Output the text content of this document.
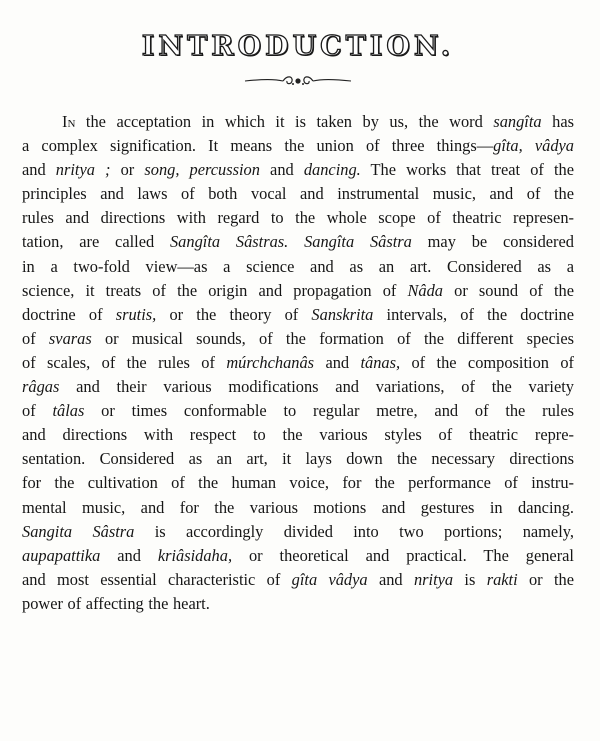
INTRODUCTION.
In the acceptation in which it is taken by us, the word sangîta has
a complex signification. It means the union of three things—gîta, vâdya
and nritya ; or song, percussion and dancing. The works that treat of the
principles and laws of both vocal and instrumental music, and of the
rules and directions with regard to the whole scope of theatric represen-
tation, are called Sangîta Sâstras. Sangîta Sâstra may be considered
in a two-fold view—as a science and as an art. Considered as a
science, it treats of the origin and propagation of Nâda or sound of the
doctrine of srutis, or the theory of Sanskrita intervals, of the doctrine
of svaras or musical sounds, of the formation of the different species
of scales, of the rules of múrchchanâs and tânas, of the composition of
râgas and their various modifications and variations, of the variety
of tâlas or times conformable to regular metre, and of the rules
and directions with respect to the various styles of theatric repre-
sentation. Considered as an art, it lays down the necessary directions
for the cultivation of the human voice, for the performance of instru-
mental music, and for the various motions and gestures in dancing.
Sangita Sâstra is accordingly divided into two portions; namely,
aupapattika and kriâsidaha, or theoretical and practical. The general
and most essential characteristic of gîta vâdya and nritya is rakti or the
power of affecting the heart.
